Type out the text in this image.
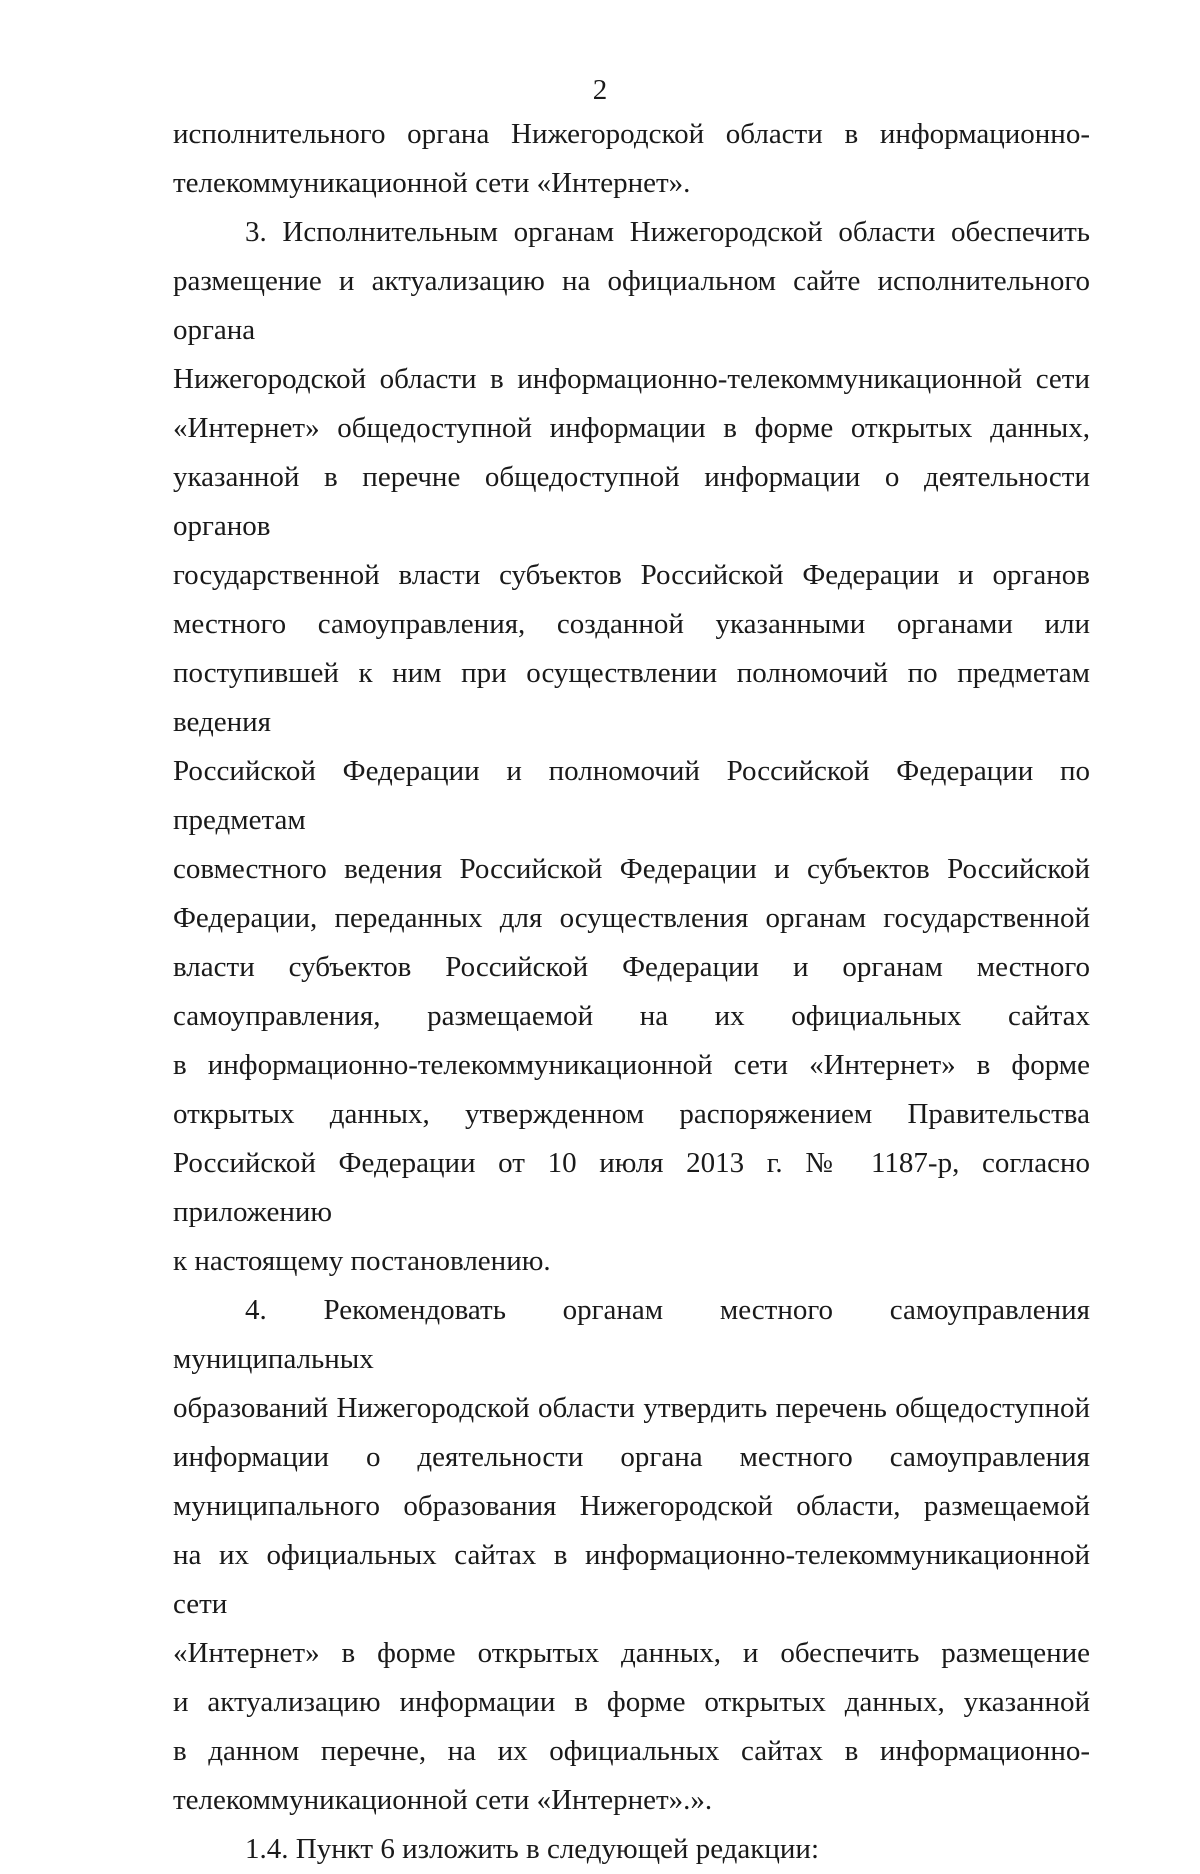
2

исполнительного органа Нижегородской области в информационно-
телекоммуникационной сети «Интернет».

3. Исполнительным органам Нижегородской области обеспечить
размещение и актуализацию на официальном сайте исполнительного органа
Нижегородской области в информационно-телекоммуникационной сети
«Интернет» общедоступной информации в форме открытых данных,
указанной в перечне общедоступной информации о деятельности органов
государственной власти субъектов Российской Федерации и органов
местного самоуправления, созданной указанными органами или
поступившей к ним при осуществлении полномочий по предметам ведения
Российской Федерации и полномочий Российской Федерации по предметам
совместного ведения Российской Федерации и субъектов Российской
Федерации, переданных для осуществления органам государственной
власти субъектов Российской Федерации и органам местного
самоуправления, размещаемой на их официальных сайтах
в информационно-телекоммуникационной сети «Интернет» в форме
открытых данных, утвержденном распоряжением Правительства
Российской Федерации от 10 июля 2013 г. № 1187-р, согласно приложению
к настоящему постановлению.

4. Рекомендовать органам местного самоуправления муниципальных
образований Нижегородской области утвердить перечень общедоступной
информации о деятельности органа местного самоуправления
муниципального образования Нижегородской области, размещаемой
на их официальных сайтах в информационно-телекоммуникационной сети
«Интернет» в форме открытых данных, и обеспечить размещение
и актуализацию информации в форме открытых данных, указанной
в данном перечне, на их официальных сайтах в информационно-
телекоммуникационной сети «Интернет».».

1.4. Пункт 6 изложить в следующей редакции:
